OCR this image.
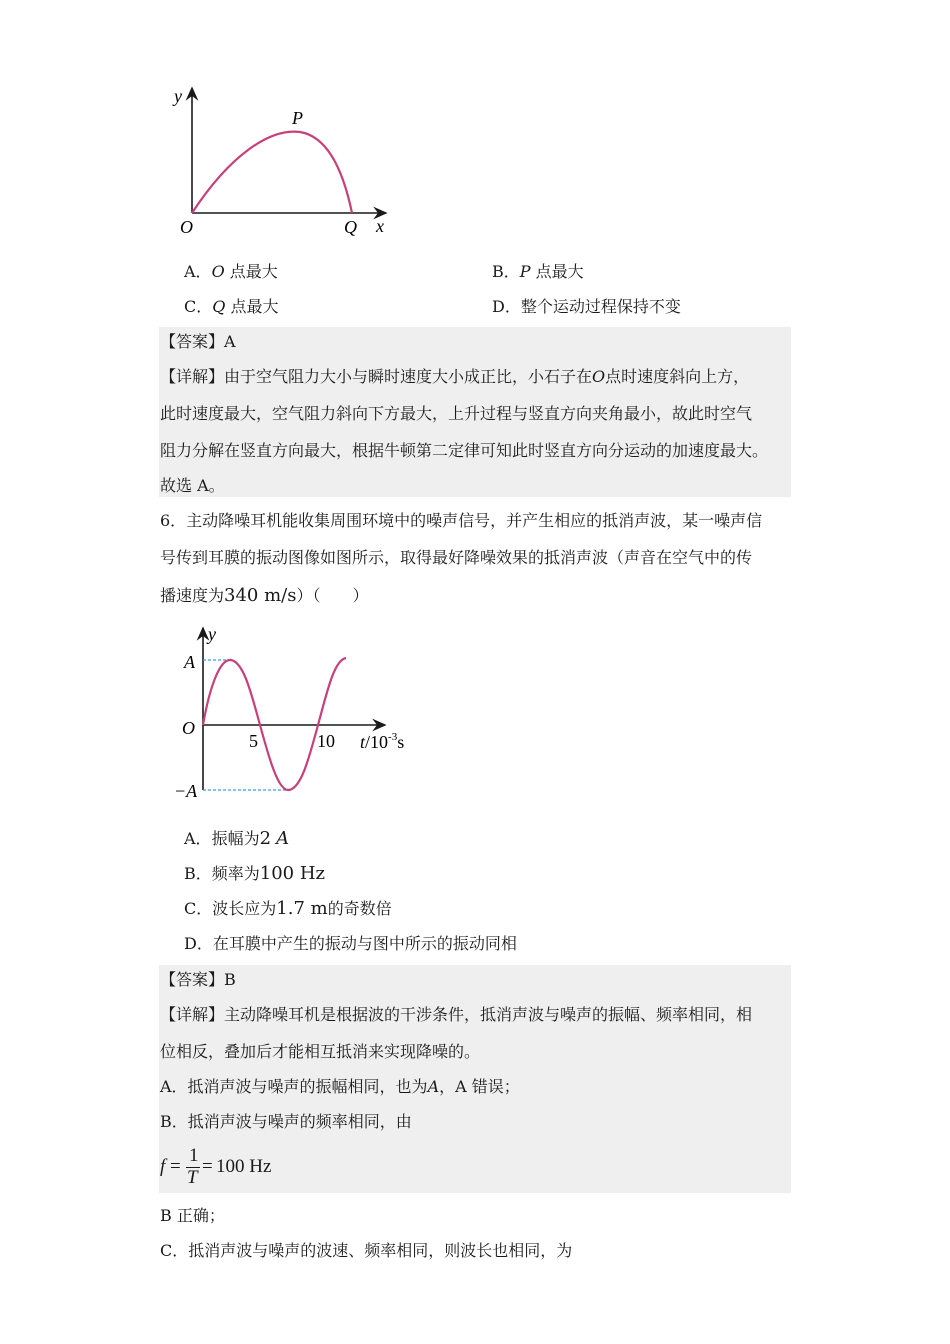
y
P
O	Q x
A．O 点最大	B．P 点最大
C．Q 点最大	D．整个运动过程保持不变
【答案】A
【详解】由于空气阻力大小与瞬时速度大小成正比，小石子在O点时速度斜向上方，
此时速度最大，空气阻力斜向下方最大，上升过程与竖直方向夹角最小，故此时空气
阻力分解在竖直方向最大，根据牛顿第二定律可知此时竖直方向分运动的加速度最大。
故选 A。
6．主动降噪耳机能收集周围环境中的噪声信号，并产生相应的抵消声波，某一噪声信
号传到耳膜的振动图像如图所示，取得最好降噪效果的抵消声波（声音在空气中的传
播速度为340 m/s）（　　）
y
A
O
−A
5	10 $t/10^{-3}s$
A．振幅为2 A
B．频率为100 Hz
C．波长应为1.7 m的奇数倍
D．在耳膜中产生的振动与图中所示的振动同相
【答案】B
【详解】主动降噪耳机是根据波的干涉条件，抵消声波与噪声的振幅、频率相同，相
位相反，叠加后才能相互抵消来实现降噪的。
A．抵消声波与噪声的振幅相同，也为A，A 错误；
B．抵消声波与噪声的频率相同，由
f =
1
T
= 100 Hz
B 正确；
C．抵消声波与噪声的波速、频率相同，则波长也相同，为
